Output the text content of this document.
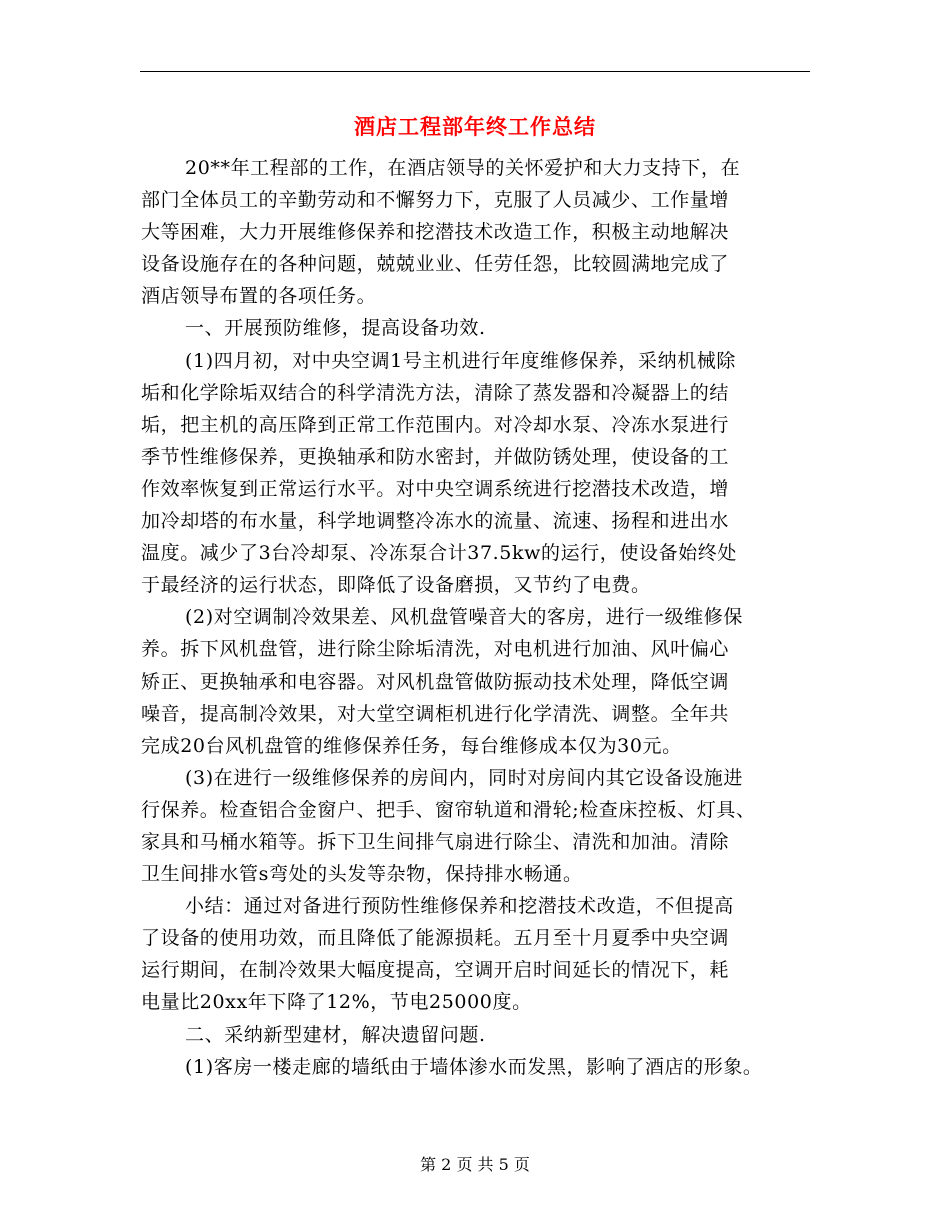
酒店工程部年终工作总结
20**年工程部的工作，在酒店领导的关怀爱护和大力支持下，在
部门全体员工的辛勤劳动和不懈努力下，克服了人员减少、工作量增
大等困难，大力开展维修保养和挖潜技术改造工作，积极主动地解决
设备设施存在的各种问题，兢兢业业、任劳任怨，比较圆满地完成了
酒店领导布置的各项任务。
一、开展预防维修，提高设备功效.
(1)四月初，对中央空调1号主机进行年度维修保养，采纳机械除
垢和化学除垢双结合的科学清洗方法，清除了蒸发器和冷凝器上的结
垢，把主机的高压降到正常工作范围内。对冷却水泵、冷冻水泵进行
季节性维修保养，更换轴承和防水密封，并做防锈处理，使设备的工
作效率恢复到正常运行水平。对中央空调系统进行挖潜技术改造，增
加冷却塔的布水量，科学地调整冷冻水的流量、流速、扬程和进出水
温度。减少了3台冷却泵、冷冻泵合计37.5kw的运行，使设备始终处
于最经济的运行状态，即降低了设备磨损，又节约了电费。
(2)对空调制冷效果差、风机盘管噪音大的客房，进行一级维修保
养。拆下风机盘管，进行除尘除垢清洗，对电机进行加油、风叶偏心
矫正、更换轴承和电容器。对风机盘管做防振动技术处理，降低空调
噪音，提高制冷效果，对大堂空调柜机进行化学清洗、调整。全年共
完成20台风机盘管的维修保养任务，每台维修成本仅为30元。
(3)在进行一级维修保养的房间内，同时对房间内其它设备设施进
行保养。检查铝合金窗户、把手、窗帘轨道和滑轮;检查床控板、灯具、
家具和马桶水箱等。拆下卫生间排气扇进行除尘、清洗和加油。清除
卫生间排水管s弯处的头发等杂物，保持排水畅通。
小结：通过对备进行预防性维修保养和挖潜技术改造，不但提高
了设备的使用功效，而且降低了能源损耗。五月至十月夏季中央空调
运行期间，在制冷效果大幅度提高，空调开启时间延长的情况下，耗
电量比20xx年下降了12%，节电25000度。
二、采纳新型建材，解决遗留问题.
(1)客房一楼走廊的墙纸由于墙体渗水而发黑，影响了酒店的形象。
第 2 页 共 5 页
